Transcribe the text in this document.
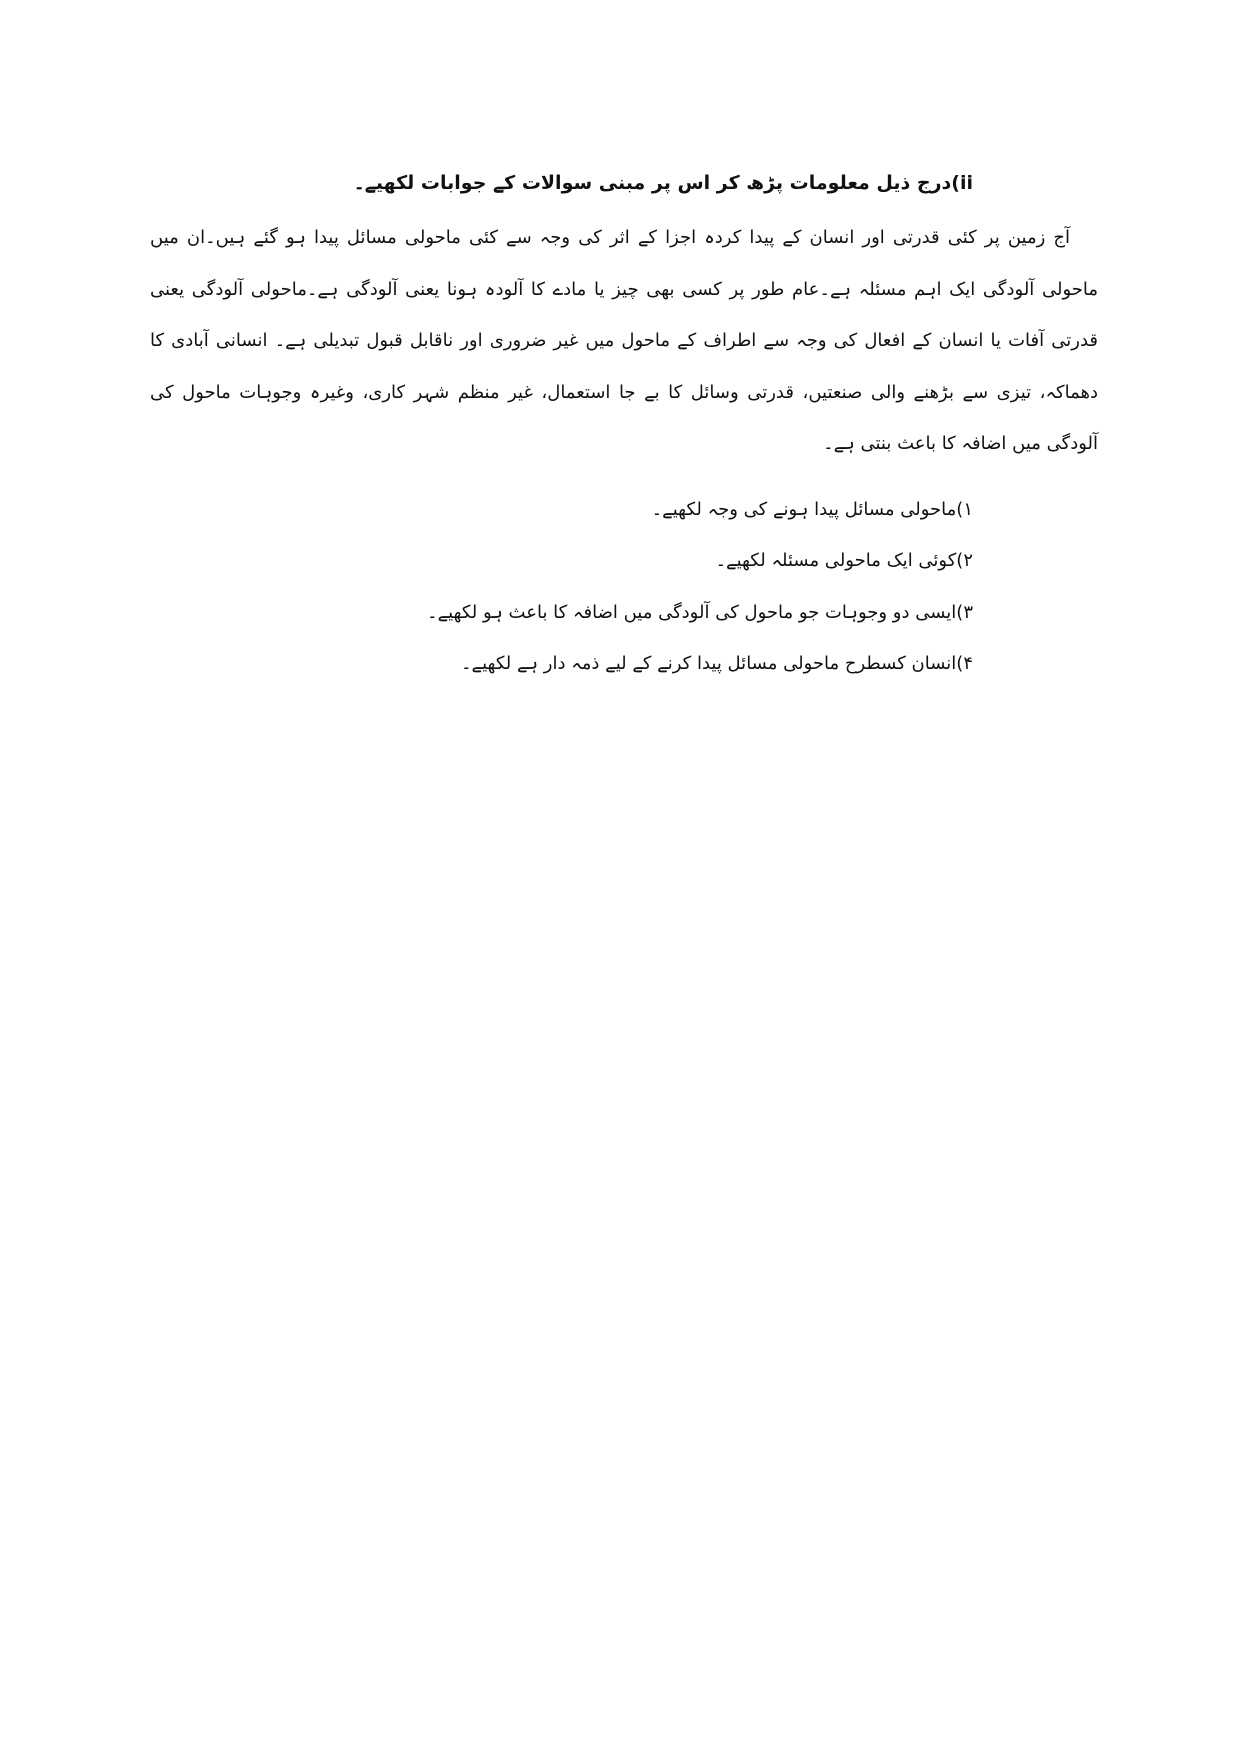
ii)درج ذیل معلومات پڑھ کر اس پر مبنی سوالات کے جوابات لکھیے۔

آج زمین پر کئی قدرتی اور انسان کے پیدا کردہ اجزا کے اثر کی وجہ سے کئی ماحولی مسائل پیدا ہو گئے ہیں۔ان میں ماحولی آلودگی ایک اہم مسئلہ ہے۔عام طور پر کسی بھی چیز یا مادے کا آلودہ ہونا یعنی آلودگی ہے۔ماحولی آلودگی یعنی قدرتی آفات یا انسان کے افعال کی وجہ سے اطراف کے ماحول میں غیر ضروری اور ناقابل قبول تبدیلی ہے۔ انسانی آبادی کا دھماکہ، تیزی سے بڑھنے والی صنعتیں، قدرتی وسائل کا بے جا استعمال، غیر منظم شہر کاری، وغیرہ وجوہات ماحول کی آلودگی میں اضافہ کا باعث بنتی ہے۔

۱)ماحولی مسائل پیدا ہونے کی وجہ لکھیے۔
۲)کوئی ایک ماحولی مسئلہ لکھیے۔
۳)ایسی دو وجوہات جو ماحول کی آلودگی میں اضافہ کا باعث ہو لکھیے۔
۴)انسان کسطرح ماحولی مسائل پیدا کرنے کے لیے ذمہ دار ہے لکھیے۔
